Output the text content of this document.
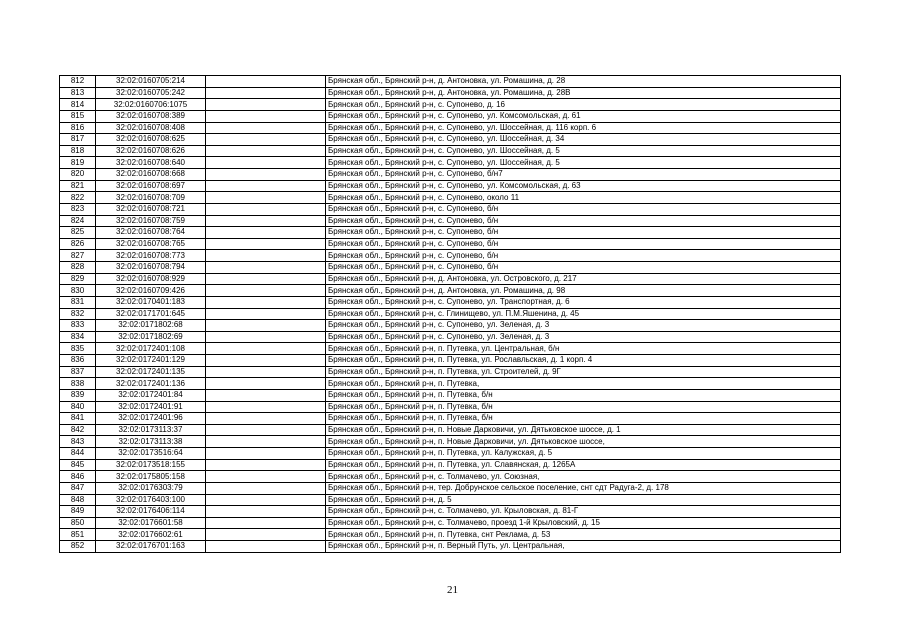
812	32:02:0160705:214		Брянская обл., Брянский р-н, д. Антоновка, ул. Ромашина, д. 28
813	32:02:0160705:242		Брянская обл., Брянский р-н, д. Антоновка, ул. Ромашина, д. 28В
814	32:02:0160706:1075		Брянская обл., Брянский р-н, с. Супонево, д. 16
815	32:02:0160708:389		Брянская обл., Брянский р-н, с. Супонево, ул. Комсомольская, д. 61
816	32:02:0160708:408		Брянская обл., Брянский р-н, с. Супонево, ул. Шоссейная, д. 116 корп. 6
817	32:02:0160708:625		Брянская обл., Брянский р-н, с. Супонево, ул. Шоссейная, д. 34
818	32:02:0160708:626		Брянская обл., Брянский р-н, с. Супонево, ул. Шоссейная, д. 5
819	32:02:0160708:640		Брянская обл., Брянский р-н, с. Супонево, ул. Шоссейная, д. 5
820	32:02:0160708:668		Брянская обл., Брянский р-н, с. Супонево, б/н7
821	32:02:0160708:697		Брянская обл., Брянский р-н, с. Супонево, ул. Комсомольская, д. 63
822	32:02:0160708:709		Брянская обл., Брянский р-н, с. Супонево, около 11
823	32:02:0160708:721		Брянская обл., Брянский р-н, с. Супонево, б/н
824	32:02:0160708:759		Брянская обл., Брянский р-н, с. Супонево, б/н
825	32:02:0160708:764		Брянская обл., Брянский р-н, с. Супонево, б/н
826	32:02:0160708:765		Брянская обл., Брянский р-н, с. Супонево, б/н
827	32:02:0160708:773		Брянская обл., Брянский р-н, с. Супонево, б/н
828	32:02:0160708:794		Брянская обл., Брянский р-н, с. Супонево, б/н
829	32:02:0160708:929		Брянская обл., Брянский р-н, д. Антоновка, ул. Островского, д. 217
830	32:02:0160709:426		Брянская обл., Брянский р-н, д. Антоновка, ул. Ромашина, д. 98
831	32:02:0170401:183		Брянская обл., Брянский р-н, с. Супонево, ул. Транспортная, д. 6
832	32:02:0171701:645		Брянская обл., Брянский р-н, с. Глинищево, ул. П.М.Яшенина, д. 45
833	32:02:0171802:68		Брянская обл., Брянский р-н, с. Супонево, ул. Зеленая, д. 3
834	32:02:0171802:69		Брянская обл., Брянский р-н, с. Супонево, ул. Зеленая, д. 3
835	32:02:0172401:108		Брянская обл., Брянский р-н, п. Путевка, ул. Центральная, б/н
836	32:02:0172401:129		Брянская обл., Брянский р-н, п. Путевка, ул. Рославльская, д. 1 корп. 4
837	32:02:0172401:135		Брянская обл., Брянский р-н, п. Путевка, ул. Строителей, д. 9Г
838	32:02:0172401:136		Брянская обл., Брянский р-н, п. Путевка,
839	32:02:0172401:84		Брянская обл., Брянский р-н, п. Путевка, б/н
840	32:02:0172401:91		Брянская обл., Брянский р-н, п. Путевка, б/н
841	32:02:0172401:96		Брянская обл., Брянский р-н, п. Путевка, б/н
842	32:02:0173113:37		Брянская обл., Брянский р-н, п. Новые Дарковичи, ул. Дятьковское шоссе, д. 1
843	32:02:0173113:38		Брянская обл., Брянский р-н, п. Новые Дарковичи, ул. Дятьковское шоссе,
844	32:02:0173516:64		Брянская обл., Брянский р-н, п. Путевка, ул. Калужская, д. 5
845	32:02:0173518:155		Брянская обл., Брянский р-н, п. Путевка, ул. Славянская, д. 1265А
846	32:02:0175805:158		Брянская обл., Брянский р-н, с. Толмачево, ул. Союзная,
847	32:02:0176303:79		Брянская обл., Брянский р-н, тер. Добрунское сельское поселение, снт сдт Радуга-2, д. 178
848	32:02:0176403:100		Брянская обл., Брянский р-н, д. 5
849	32:02:0176406:114		Брянская обл., Брянский р-н, с. Толмачево, ул. Крыловская, д. 81-Г
850	32:02:0176601:58		Брянская обл., Брянский р-н, с. Толмачево, проезд 1-й Крыловский, д. 15
851	32:02:0176602:61		Брянская обл., Брянский р-н, п. Путевка, снт Реклама, д. 53
852	32:02:0176701:163		Брянская обл., Брянский р-н, п. Верный Путь, ул. Центральная,
21
